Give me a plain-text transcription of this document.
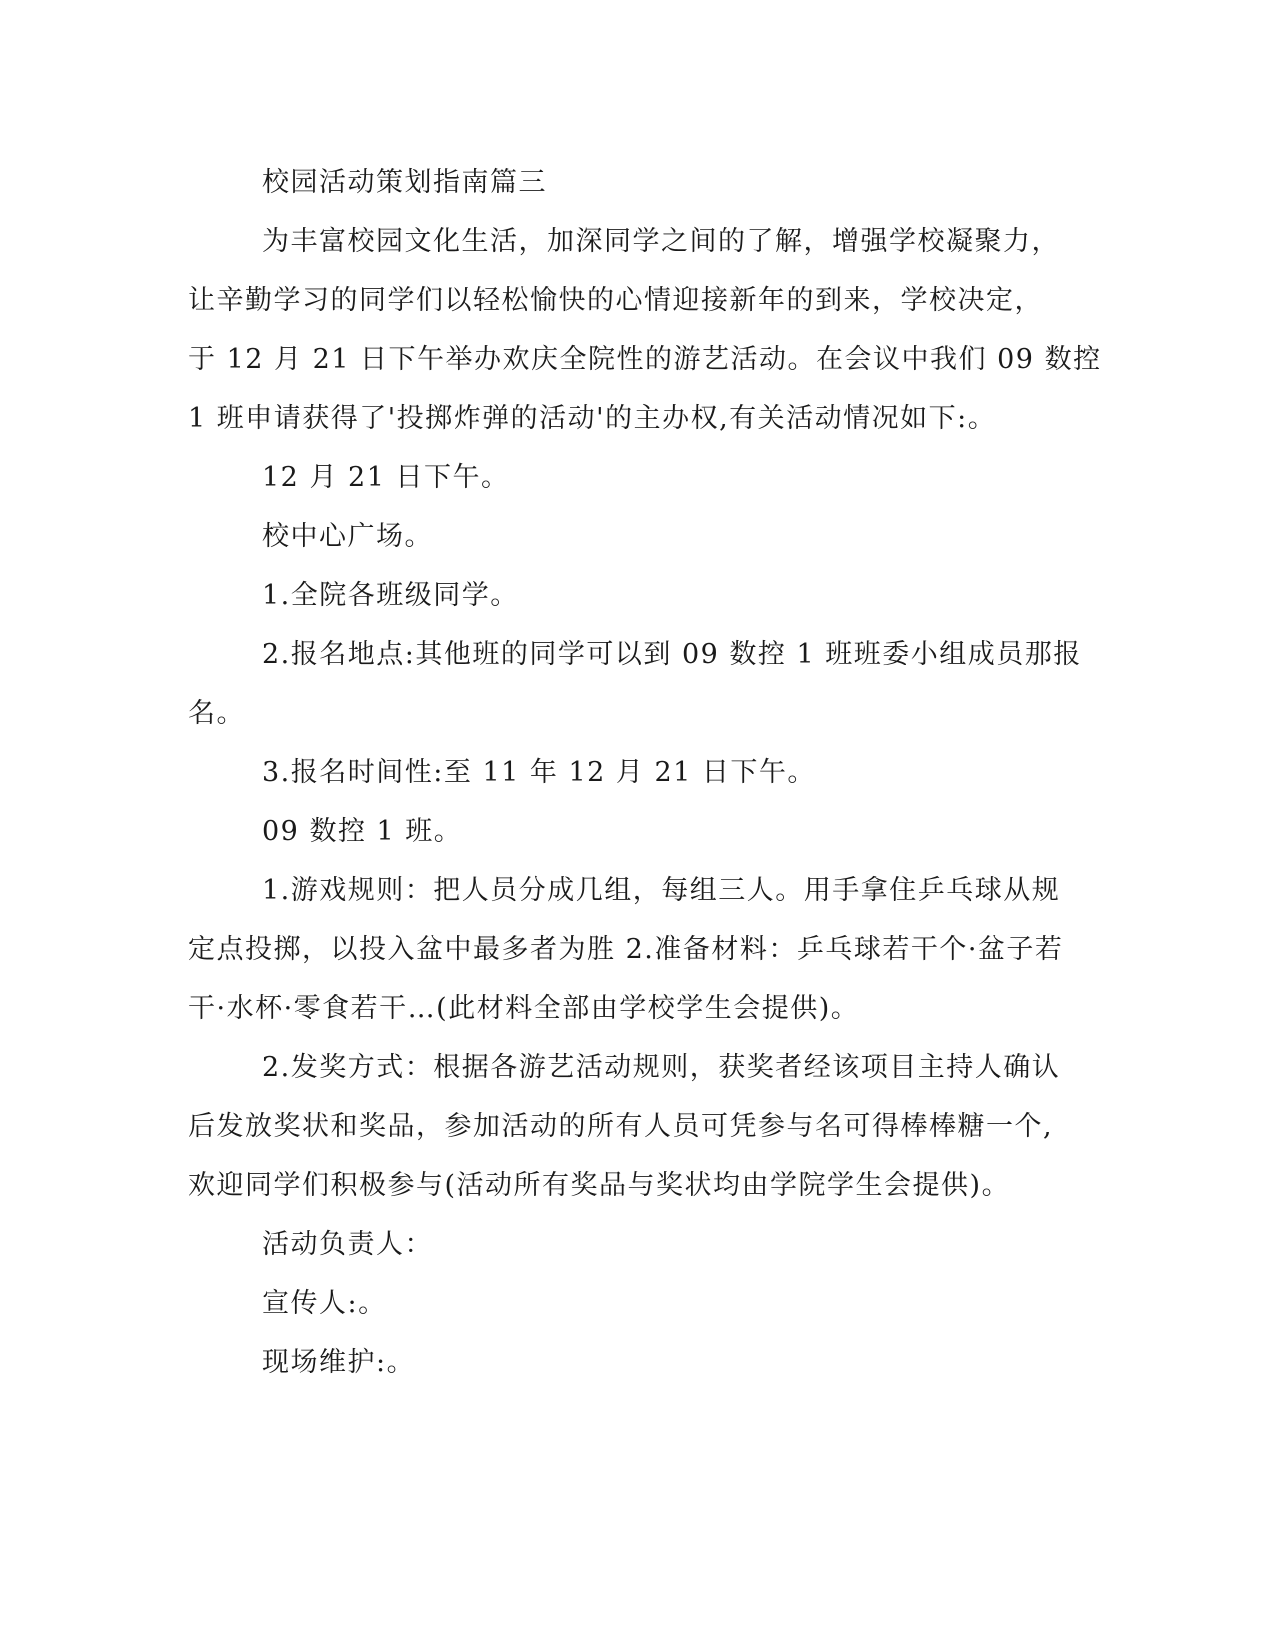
校园活动策划指南篇三
为丰富校园文化生活，加深同学之间的了解，增强学校凝聚力，
让辛勤学习的同学们以轻松愉快的心情迎接新年的到来，学校决定，
于 12 月 21 日下午举办欢庆全院性的游艺活动。在会议中我们 09 数控
1 班申请获得了'投掷炸弹的活动'的主办权,有关活动情况如下:。
12 月 21 日下午。
校中心广场。
1.全院各班级同学。
2.报名地点:其他班的同学可以到 09 数控 1 班班委小组成员那报
名。
3.报名时间性:至 11 年 12 月 21 日下午。
09 数控 1 班。
1.游戏规则：把人员分成几组，每组三人。用手拿住乒乓球从规
定点投掷，以投入盆中最多者为胜 2.准备材料：乒乓球若干个·盆子若
干·水杯·零食若干…(此材料全部由学校学生会提供)。
2.发奖方式：根据各游艺活动规则，获奖者经该项目主持人确认
后发放奖状和奖品，参加活动的所有人员可凭参与名可得棒棒糖一个,
欢迎同学们积极参与(活动所有奖品与奖状均由学院学生会提供)。
活动负责人：
宣传人:。
现场维护:。
